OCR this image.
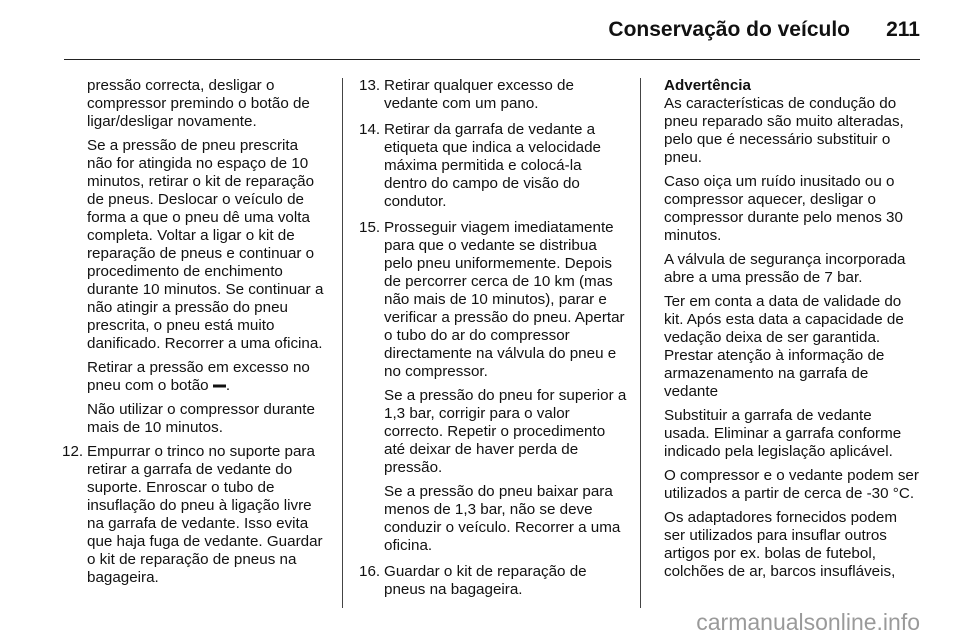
Conservação do veículo 211

pressão correcta, desligar o compressor premindo o botão de ligar/desligar novamente.

Se a pressão de pneu prescrita não for atingida no espaço de 10 minutos, retirar o kit de reparação de pneus. Deslocar o veículo de forma a que o pneu dê uma volta completa. Voltar a ligar o kit de reparação de pneus e continuar o procedimento de enchimento durante 10 minutos. Se continuar a não atingir a pressão do pneu prescrita, o pneu está muito danificado. Recorrer a uma oficina.

Retirar a pressão em excesso no pneu com o botão .

Não utilizar o compressor durante mais de 10 minutos.

12. Empurrar o trinco no suporte para retirar a garrafa de vedante do suporte. Enroscar o tubo de insuflação do pneu à ligação livre na garrafa de vedante. Isso evita que haja fuga de vedante. Guardar o kit de reparação de pneus na bagageira.
13. Retirar qualquer excesso de vedante com um pano.
14. Retirar da garrafa de vedante a etiqueta que indica a velocidade máxima permitida e colocá-la dentro do campo de visão do condutor.
15. Prosseguir viagem imediatamente para que o vedante se distribua pelo pneu uniformemente. Depois de percorrer cerca de 10 km (mas não mais de 10 minutos), parar e verificar a pressão do pneu. Apertar o tubo do ar do compressor directamente na válvula do pneu e no compressor.

Se a pressão do pneu for superior a 1,3 bar, corrigir para o valor correcto. Repetir o procedimento até deixar de haver perda de pressão.

Se a pressão do pneu baixar para menos de 1,3 bar, não se deve conduzir o veículo. Recorrer a uma oficina.

16. Guardar o kit de reparação de pneus na bagageira.
Advertência

As características de condução do pneu reparado são muito alteradas, pelo que é necessário substituir o pneu.

Caso oiça um ruído inusitado ou o compressor aquecer, desligar o compressor durante pelo menos 30 minutos.

A válvula de segurança incorporada abre a uma pressão de 7 bar.

Ter em conta a data de validade do kit. Após esta data a capacidade de vedação deixa de ser garantida. Prestar atenção à informação de armazenamento na garrafa de vedante

Substituir a garrafa de vedante usada. Eliminar a garrafa conforme indicado pela legislação aplicável.

O compressor e o vedante podem ser utilizados a partir de cerca de -30 °C.

Os adaptadores fornecidos podem ser utilizados para insuflar outros artigos por ex. bolas de futebol, colchões de ar, barcos insufláveis,

carmanualsonline.info
